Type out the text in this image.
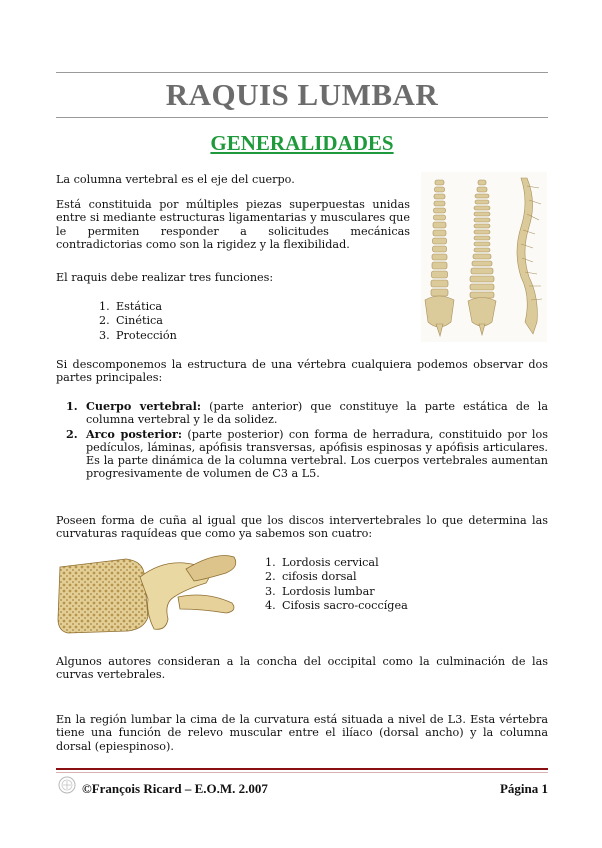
RAQUIS LUMBAR
GENERALIDADES

La columna vertebral es el eje del cuerpo.

Está constituida por múltiples piezas superpuestas unidas entre si mediante estructuras ligamentarias y musculares que le permiten responder a solicitudes mecánicas contradictorias como son la rigidez y la flexibilidad.

El raquis debe realizar tres funciones:

1. Estática
2. Cinética
3. Protección

Si descomponemos la estructura de una vértebra cualquiera podemos observar dos partes principales:

1. Cuerpo vertebral: (parte anterior) que constituye la parte estática de la columna vertebral y le da solidez.
2. Arco posterior: (parte posterior) con forma de herradura, constituido por los pedículos, láminas, apófisis transversas, apófisis espinosas y apófisis articulares. Es la parte dinámica de la columna vertebral. Los cuerpos vertebrales aumentan progresivamente de volumen de C3 a L5.

Poseen forma de cuña al igual que los discos intervertebrales lo que determina las curvaturas raquídeas que como ya sabemos son cuatro:

1. Lordosis cervical
2. cifosis dorsal
3. Lordosis lumbar
4. Cifosis sacro-coccígea

Algunos autores consideran a la concha del occipital como la culminación de las curvas vertebrales.

En la región lumbar la cima de la curvatura está situada a nivel de L3. Esta vértebra tiene una función de relevo muscular entre el ilíaco (dorsal ancho) y la columna dorsal (epiespinoso).

©François Ricard – E.O.M. 2.007	Página 1
